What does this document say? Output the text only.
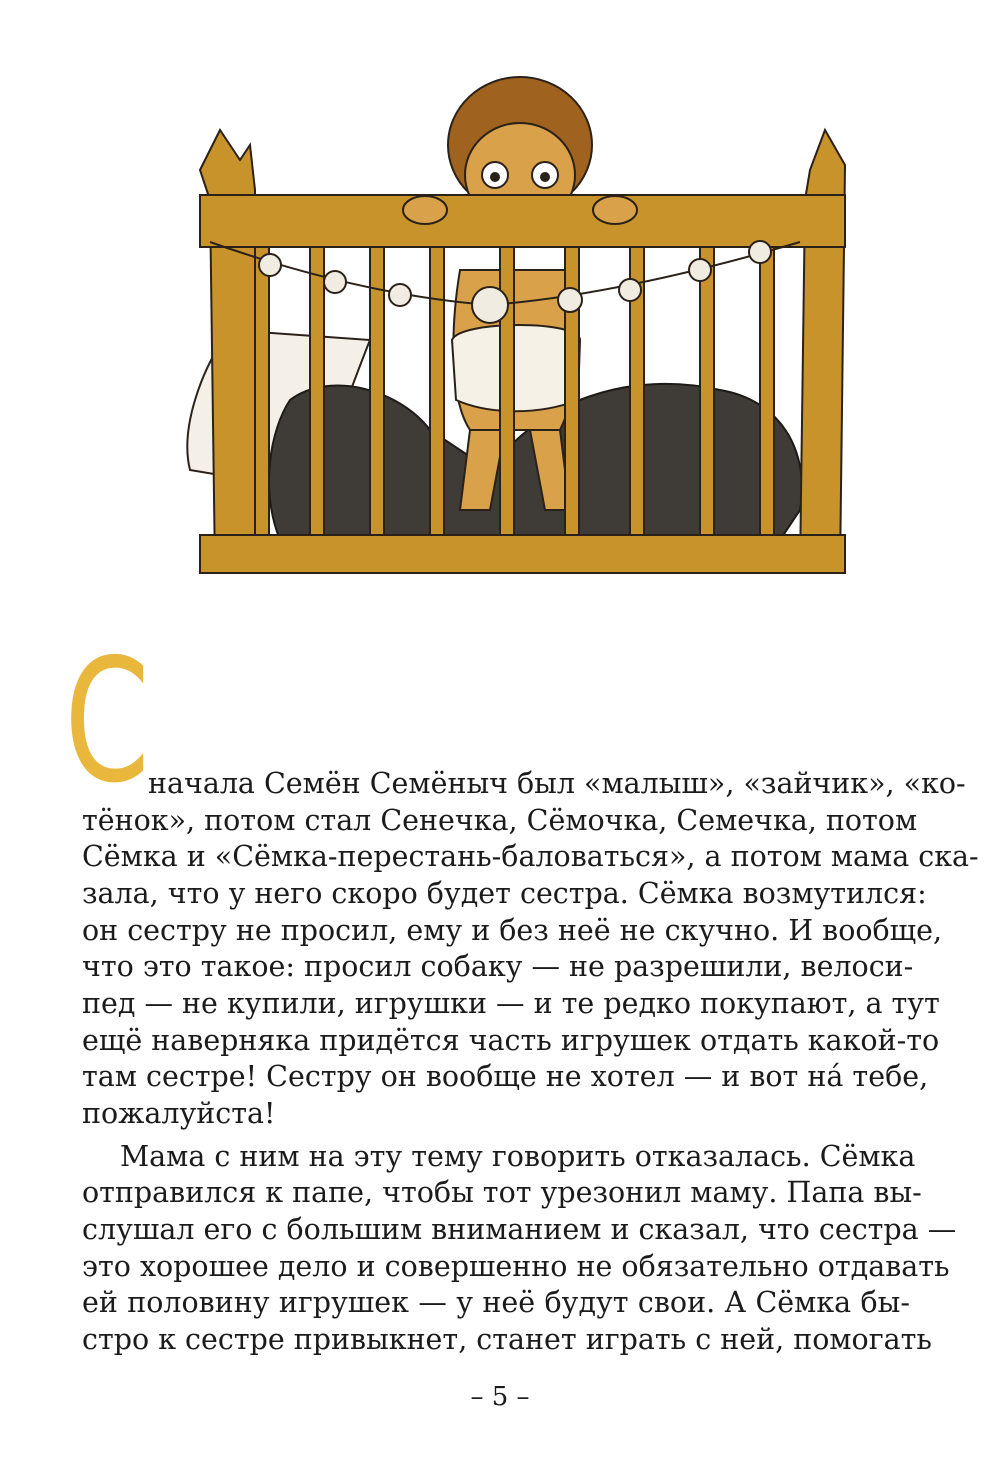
С
начала Семён Семёныч был «малыш», «зайчик», «ко-
тёнок», потом стал Сенечка, Сёмочка, Семечка, потом
Сёмка и «Сёмка-перестань-баловаться», а потом мама ска-
зала, что у него скоро будет сестра. Сёмка возмутился:
он сестру не просил, ему и без неё не скучно. И вообще,
что это такое: просил собаку — не разрешили, велоси-
пед — не купили, игрушки — и те редко покупают, а тут
ещё наверняка придётся часть игрушек отдать какой-то
там сестре! Сестру он вообще не хотел — и вот на́ тебе,
пожалуйста!
Мама с ним на эту тему говорить отказалась. Сёмка
отправился к папе, чтобы тот урезонил маму. Папа вы-
слушал его с большим вниманием и сказал, что сестра —
это хорошее дело и совершенно не обязательно отдавать
ей половину игрушек — у неё будут свои. А Сёмка бы-
стро к сестре привыкнет, станет играть с ней, помогать
– 5 –
